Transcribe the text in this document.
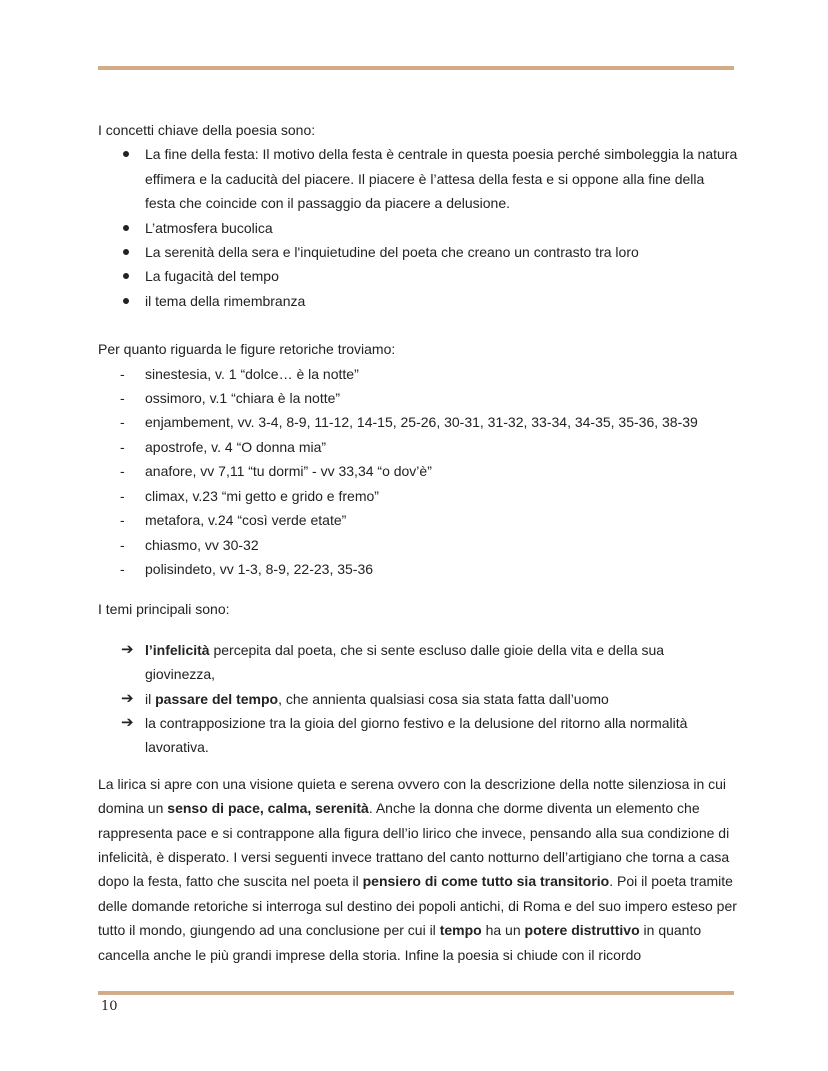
I concetti chiave della poesia sono:

La fine della festa: Il motivo della festa è centrale in questa poesia perché simboleggia la natura effimera e la caducità del piacere. Il piacere è l’attesa della festa e si oppone alla fine della festa che coincide con il passaggio da piacere a delusione.
L’atmosfera bucolica
La serenità della sera e l'inquietudine del poeta che creano un contrasto tra loro
La fugacità del tempo
il tema della rimembranza

Per quanto riguarda le figure retoriche troviamo:

- sinestesia, v. 1 “dolce… è la notte”
- ossimoro, v.1 “chiara è la notte”
- enjambement, vv. 3-4, 8-9, 11-12, 14-15, 25-26, 30-31, 31-32, 33-34, 34-35, 35-36, 38-39
- apostrofe, v. 4 “O donna mia”
- anafore, vv 7,11 “tu dormi” - vv 33,34 “o dov’è”
- climax, v.23 “mi getto e grido e fremo”
- metafora, v.24 “così verde etate”
- chiasmo, vv 30-32
- polisindeto, vv 1-3, 8-9, 22-23, 35-36

I temi principali sono:

➔ l’infelicità percepita dal poeta, che si sente escluso dalle gioie della vita e della sua giovinezza,
➔ il passare del tempo, che annienta qualsiasi cosa sia stata fatta dall’uomo
➔ la contrapposizione tra la gioia del giorno festivo e la delusione del ritorno alla normalità lavorativa.

La lirica si apre con una visione quieta e serena ovvero con la descrizione della notte silenziosa in cui domina un senso di pace, calma, serenità. Anche la donna che dorme diventa un elemento che rappresenta pace e si contrappone alla figura dell’io lirico che invece, pensando alla sua condizione di infelicità, è disperato. I versi seguenti invece trattano del canto notturno dell’artigiano che torna a casa dopo la festa, fatto che suscita nel poeta il pensiero di come tutto sia transitorio. Poi il poeta tramite delle domande retoriche si interroga sul destino dei popoli antichi, di Roma e del suo impero esteso per tutto il mondo, giungendo ad una conclusione per cui il tempo ha un potere distruttivo in quanto cancella anche le più grandi imprese della storia. Infine la poesia si chiude con il ricordo

10
